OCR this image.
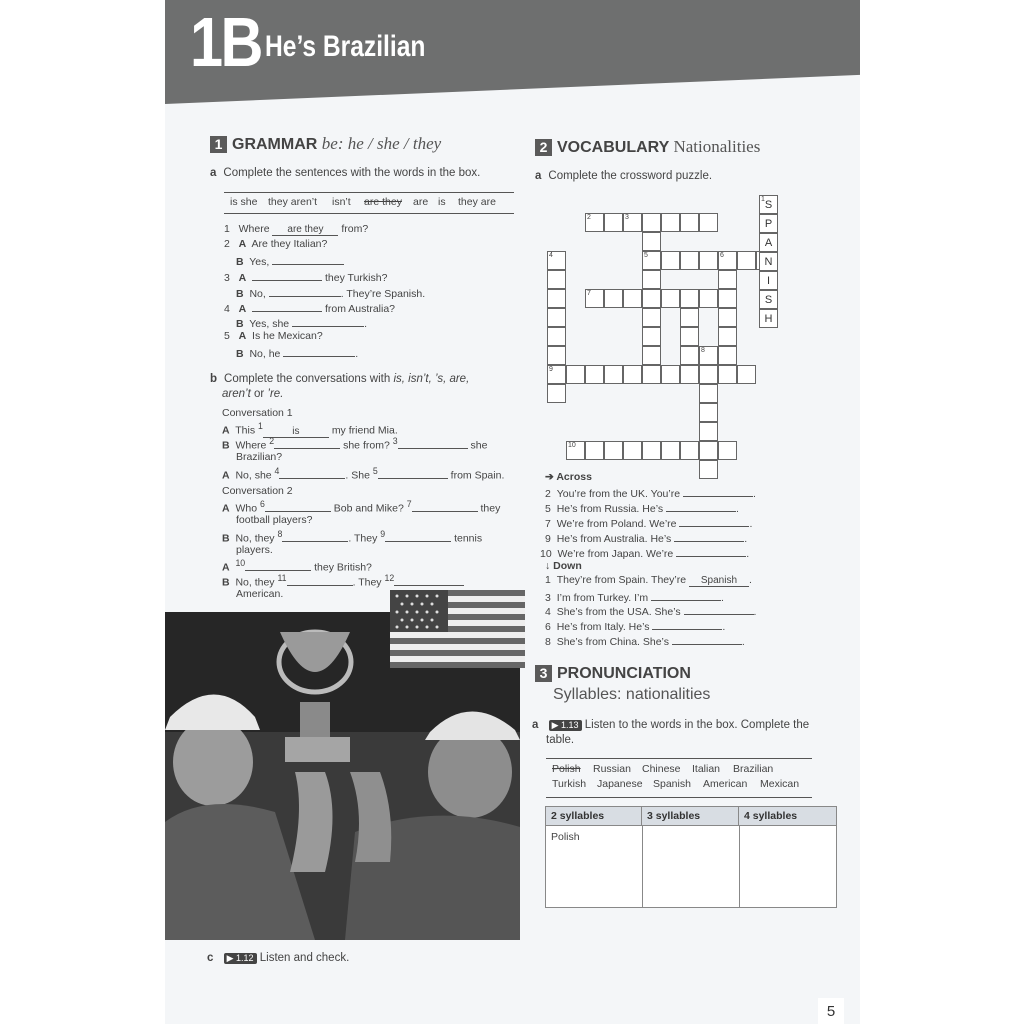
1B He’s Brazilian
1 GRAMMAR be: he / she / they
a Complete the sentences with the words in the box.
is she they aren’t isn’t are they are is they are
1 Where are they from?
2 A Are they Italian?
B Yes,
3 A	they Turkish?
B No,	. They’re Spanish.
4 A	from Australia?
B Yes, she	.
5 A Is he Mexican?
B No, he	.
b Complete the conversations with is, isn’t, ’s, are,
aren’t or ’re.
Conversation 1
A This $^1$	is	my friend Mia.
B Where $^2$	she from? $^3$	she
Brazilian?
A No, she $^4$	. She $^5$	from Spain.
Conversation 2
A Who $^6$	Bob and Mike? $^7$	they
football players?
B No, they $^8$	. They $^9$	tennis
players.
A $^{10}$	they British?
B No, they $^{11}$	. They $^{12}$
American.
c ▶ 1.12 Listen and check.
2 VOCABULARY Nationalities
a Complete the crossword puzzle.
2	3
5	6
7
9
10
4
8
1 S
P
A
N
I
S
H
➔ Across
2 You’re from the UK. You’re	.
5 He’s from Russia. He’s	.
7 We’re from Poland. We’re	.
9 He’s from Australia. He’s	.
10 We’re from Japan. We’re	.
↓ Down
1 They’re from Spain. They’re Spanish .
3 I’m from Turkey. I’m	.
4 She’s from the USA. She’s	.
6 He’s from Italy. He’s	.
8 She’s from China. She’s	.
3 PRONUNCIATION
Syllables: nationalities
a ▶ 1.13 Listen to the words in the box. Complete the
table.
Polish Russian Chinese Italian Brazilian
Turkish Japanese Spanish American Mexican
2 syllables	3 syllables	4 syllables
Polish
5
